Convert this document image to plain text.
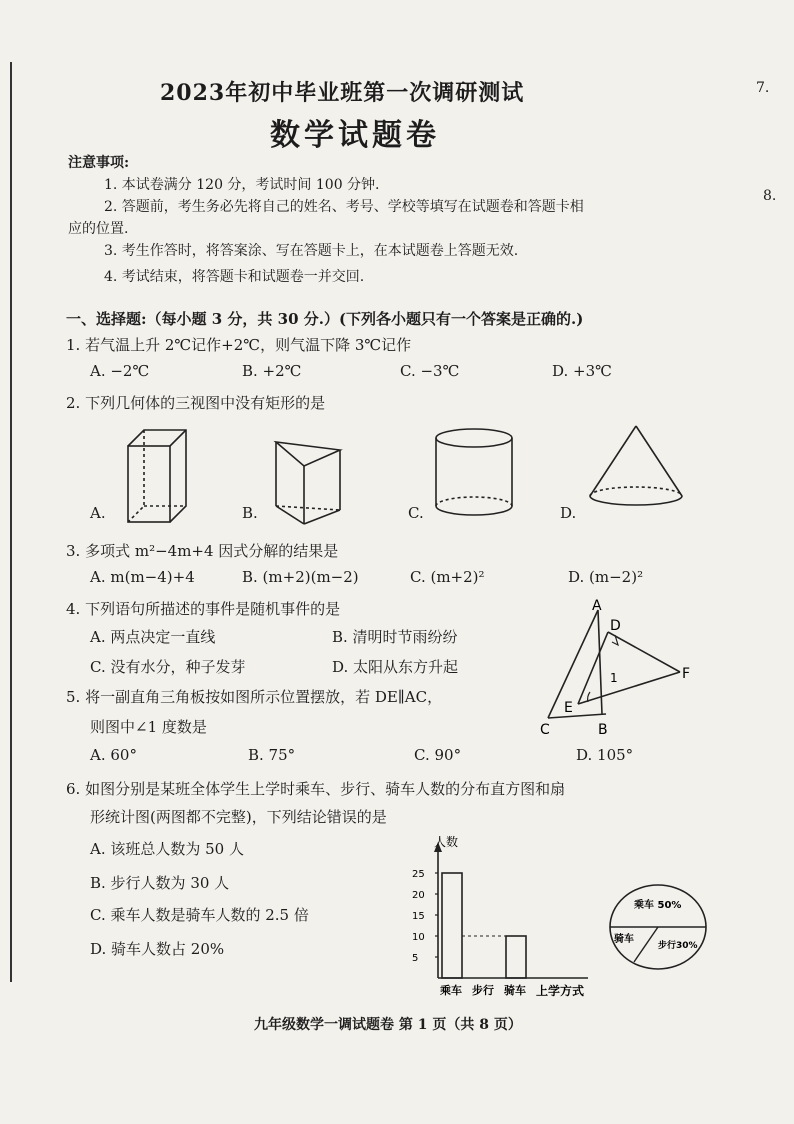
7.
8.
2023年初中毕业班第一次调研测试
数学试题卷
注意事项:
1. 本试卷满分 120 分，考试时间 100 分钟.
2. 答题前，考生务必先将自己的姓名、考号、学校等填写在试题卷和答题卡相
应的位置.
3. 考生作答时，将答案涂、写在答题卡上，在本试题卷上答题无效.
4. 考试结束，将答题卡和试题卷一并交回.
一、选择题:（每小题 3 分，共 30 分.）(下列各小题只有一个答案是正确的.)
1. 若气温上升 2℃记作+2℃，则气温下降 3℃记作
A. −2℃	B. +2℃	C. −3℃	D. +3℃
2. 下列几何体的三视图中没有矩形的是
A.	B.	C.	D.
3. 多项式 m²−4m+4 因式分解的结果是
A. m(m−4)+4	B. (m+2)(m−2)	C. (m+2)²	D. (m−2)²
4. 下列语句所描述的事件是随机事件的是
A. 两点决定一直线	B. 清明时节雨纷纷
C. 没有水分，种子发芽	D. 太阳从东方升起
A
D
F
E
C	B
1
5. 将一副直角三角板按如图所示位置摆放，若 DE∥AC，
则图中∠1 度数是
A. 60°	B. 75°	C. 90°	D. 105°
6. 如图分别是某班全体学生上学时乘车、步行、骑车人数的分布直方图和扇
形统计图(两图都不完整)，下列结论错误的是
A. 该班总人数为 50 人
B. 步行人数为 30 人
C. 乘车人数是骑车人数的 2.5 倍
D. 骑车人数占 20%
人数
上学方式
5
10
15
20
25
乘车 步行 骑车
乘车 50%
步行30%
骑车
九年级数学一调试题卷 第 1 页（共 8 页）
